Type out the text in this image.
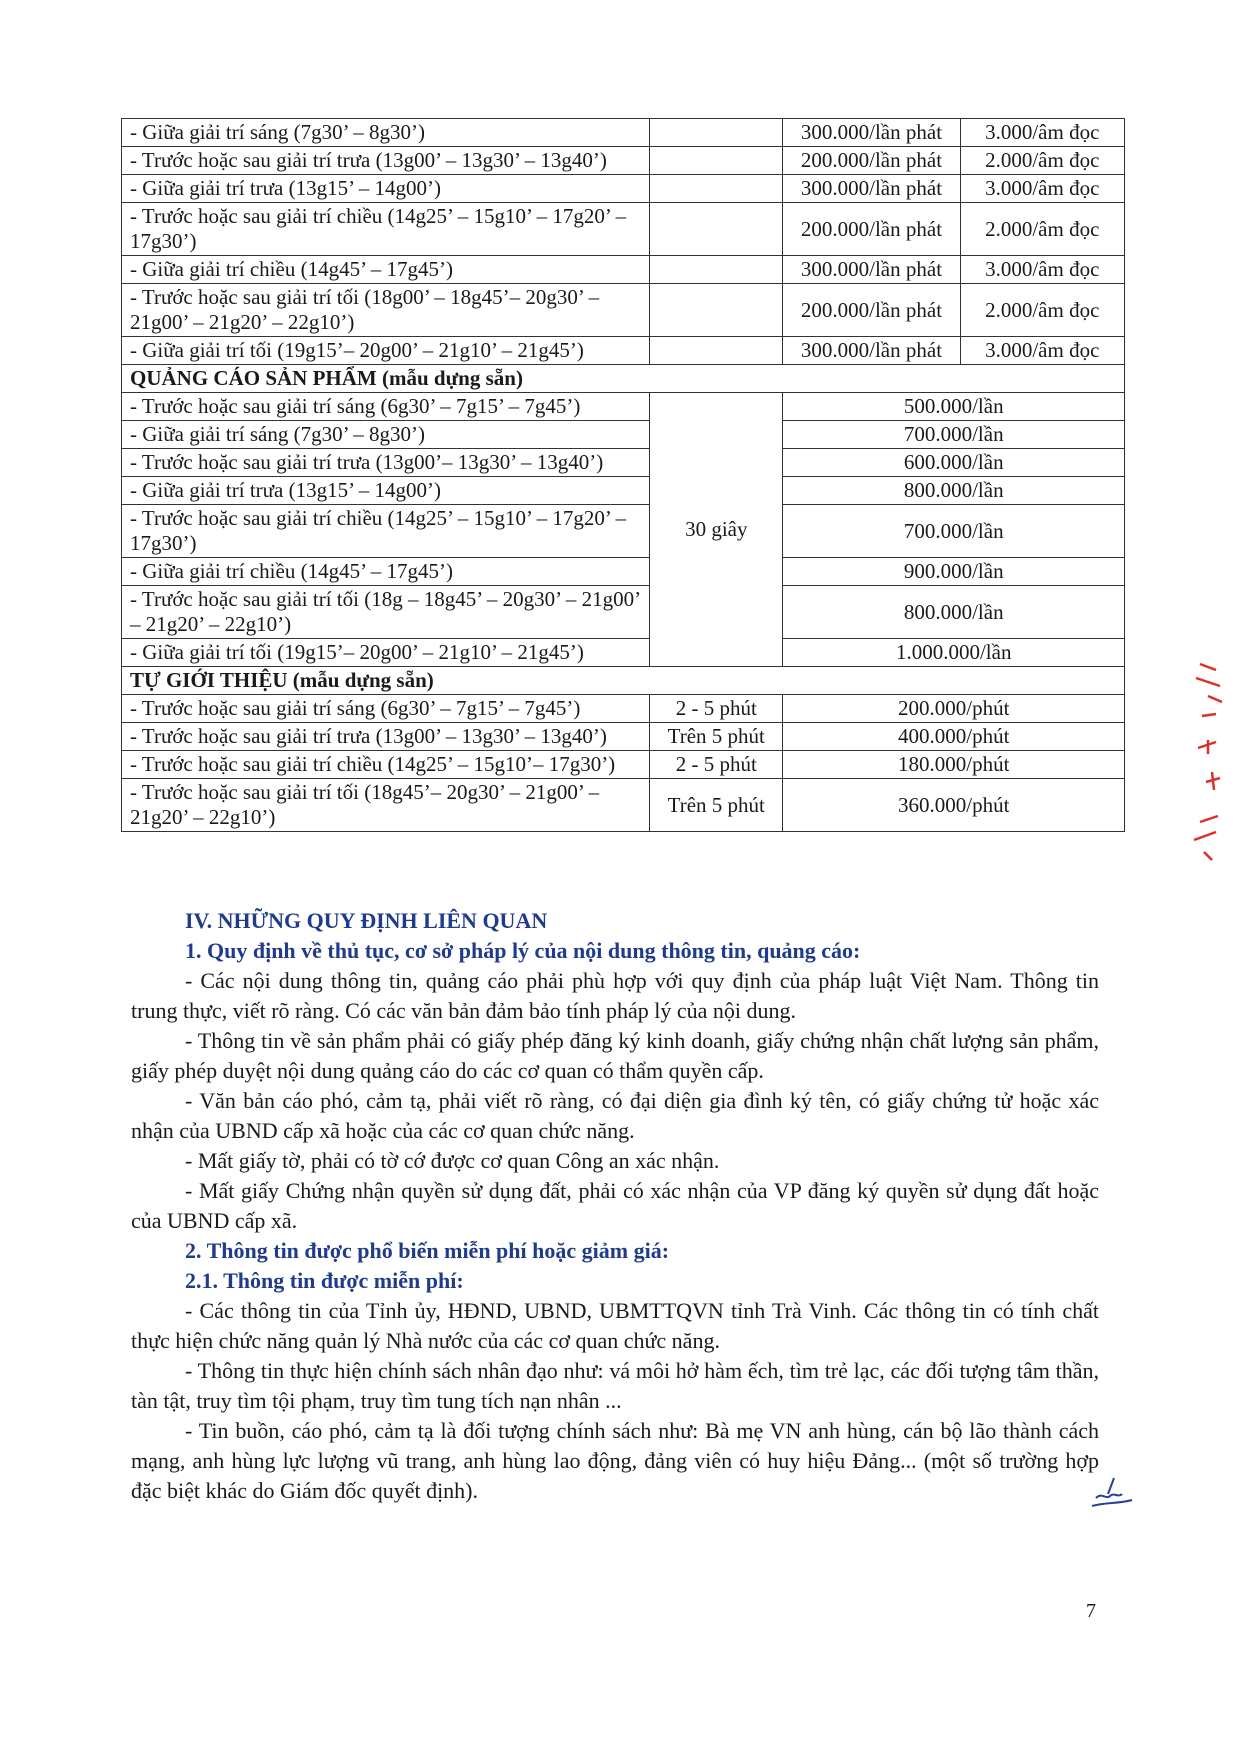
- Giữa giải trí sáng (7g30’ – 8g30’)		300.000/lần phát	3.000/âm đọc
- Trước hoặc sau giải trí trưa (13g00’ – 13g30’ – 13g40’)		200.000/lần phát	2.000/âm đọc
- Giữa giải trí trưa (13g15’ – 14g00’)		300.000/lần phát	3.000/âm đọc
- Trước hoặc sau giải trí chiều (14g25’ – 15g10’ – 17g20’ – 17g30’)		200.000/lần phát	2.000/âm đọc
- Giữa giải trí chiều (14g45’ – 17g45’)		300.000/lần phát	3.000/âm đọc
- Trước hoặc sau giải trí tối (18g00’ – 18g45’– 20g30’ – 21g00’ – 21g20’ – 22g10’)		200.000/lần phát	2.000/âm đọc
- Giữa giải trí tối (19g15’– 20g00’ – 21g10’ – 21g45’)		300.000/lần phát	3.000/âm đọc
QUẢNG CÁO SẢN PHẨM (mẫu dựng sẵn)			
- Trước hoặc sau giải trí sáng (6g30’ – 7g15’ – 7g45’)	30 giây	500.000/lần	
- Giữa giải trí sáng (7g30’ – 8g30’)		700.000/lần	
- Trước hoặc sau giải trí trưa (13g00’– 13g30’ – 13g40’)		600.000/lần	
- Giữa giải trí trưa (13g15’ – 14g00’)		800.000/lần	
- Trước hoặc sau giải trí chiều (14g25’ – 15g10’ – 17g20’ – 17g30’)		700.000/lần	
- Giữa giải trí chiều (14g45’ – 17g45’)		900.000/lần	
- Trước hoặc sau giải trí tối (18g – 18g45’ – 20g30’ – 21g00’ – 21g20’ – 22g10’)		800.000/lần	
- Giữa giải trí tối (19g15’– 20g00’ – 21g10’ – 21g45’)		1.000.000/lần	
TỰ GIỚI THIỆU (mẫu dựng sẵn)			
- Trước hoặc sau giải trí sáng (6g30’ – 7g15’ – 7g45’)	2 - 5 phút	200.000/phút	
- Trước hoặc sau giải trí trưa (13g00’ – 13g30’ – 13g40’)	Trên 5 phút	400.000/phút	
- Trước hoặc sau giải trí chiều (14g25’ – 15g10’– 17g30’)	2 - 5 phút	180.000/phút	
- Trước hoặc sau giải trí tối (18g45’– 20g30’ – 21g00’ – 21g20’ – 22g10’)	Trên 5 phút	360.000/phút	
IV. NHỮNG QUY ĐỊNH LIÊN QUAN
1. Quy định về thủ tục, cơ sở pháp lý của nội dung thông tin, quảng cáo:

- Các nội dung thông tin, quảng cáo phải phù hợp với quy định của pháp luật Việt Nam. Thông tin trung thực, viết rõ ràng. Có các văn bản đảm bảo tính pháp lý của nội dung.

- Thông tin về sản phẩm phải có giấy phép đăng ký kinh doanh, giấy chứng nhận chất lượng sản phẩm, giấy phép duyệt nội dung quảng cáo do các cơ quan có thẩm quyền cấp.

- Văn bản cáo phó, cảm tạ, phải viết rõ ràng, có đại diện gia đình ký tên, có giấy chứng tử hoặc xác nhận của UBND cấp xã hoặc của các cơ quan chức năng.

- Mất giấy tờ, phải có tờ cớ được cơ quan Công an xác nhận.

- Mất giấy Chứng nhận quyền sử dụng đất, phải có xác nhận của VP đăng ký quyền sử dụng đất hoặc của UBND cấp xã.

2. Thông tin được phổ biến miễn phí hoặc giảm giá:
2.1. Thông tin được miễn phí:

- Các thông tin của Tỉnh ủy, HĐND, UBND, UBMTTQVN tỉnh Trà Vinh. Các thông tin có tính chất thực hiện chức năng quản lý Nhà nước của các cơ quan chức năng.

- Thông tin thực hiện chính sách nhân đạo như: vá môi hở hàm ếch, tìm trẻ lạc, các đối tượng tâm thần, tàn tật, truy tìm tội phạm, truy tìm tung tích nạn nhân ...

- Tin buồn, cáo phó, cảm tạ là đối tượng chính sách như: Bà mẹ VN anh hùng, cán bộ lão thành cách mạng, anh hùng lực lượng vũ trang, anh hùng lao động, đảng viên có huy hiệu Đảng... (một số trường hợp đặc biệt khác do Giám đốc quyết định).

7
